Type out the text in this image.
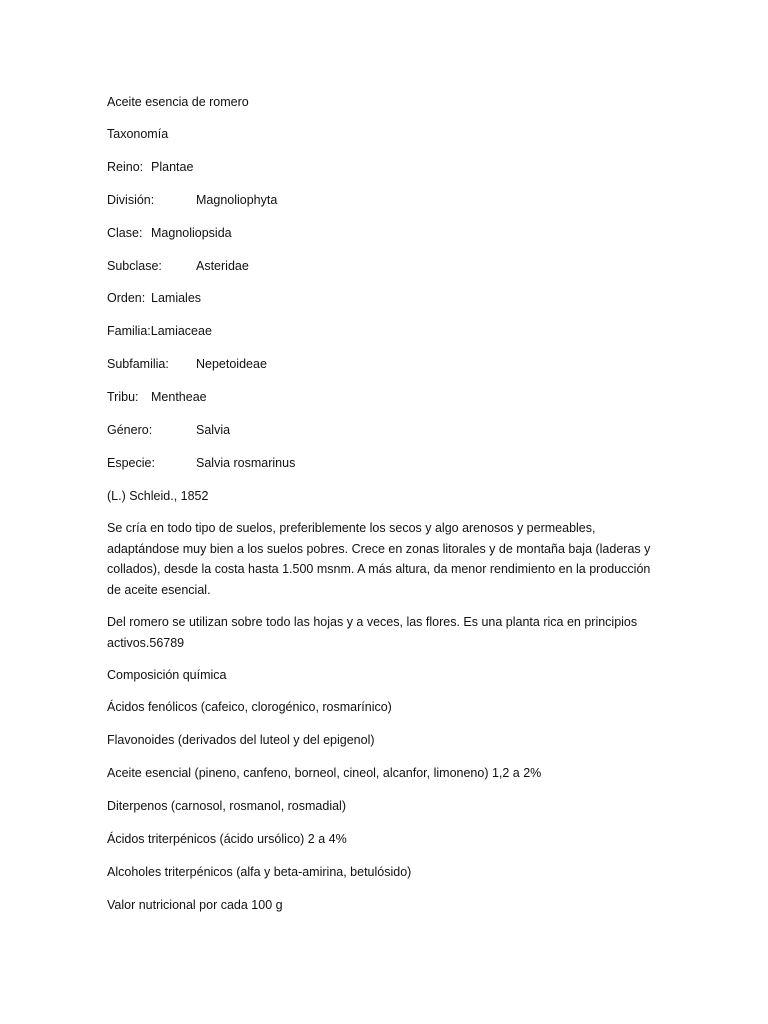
Aceite esencia de romero

Taxonomía

Reino: Plantae

División:	Magnoliophyta

Clase: Magnoliopsida

Subclase:	Asteridae

Orden: Lamiales

Familia:Lamiaceae

Subfamilia: Nepetoideae

Tribu: Mentheae

Género:	Salvia

Especie:	Salvia rosmarinus

(L.) Schleid., 1852

Se cría en todo tipo de suelos, preferiblemente los secos y algo arenosos y permeables, adaptándose muy bien a los suelos pobres. Crece en zonas litorales y de montaña baja (laderas y collados), desde la costa hasta 1.500 msnm. A más altura, da menor rendimiento en la producción de aceite esencial.

Del romero se utilizan sobre todo las hojas y a veces, las flores. Es una planta rica en principios activos.56789

Composición química

Ácidos fenólicos (cafeico, clorogénico, rosmarínico)

Flavonoides (derivados del luteol y del epigenol)

Aceite esencial (pineno, canfeno, borneol, cineol, alcanfor, limoneno) 1,2 a 2%

Diterpenos (carnosol, rosmanol, rosmadial)

Ácidos triterpénicos (ácido ursólico) 2 a 4%

Alcoholes triterpénicos (alfa y beta-amirina, betulósido)

Valor nutricional por cada 100 g
